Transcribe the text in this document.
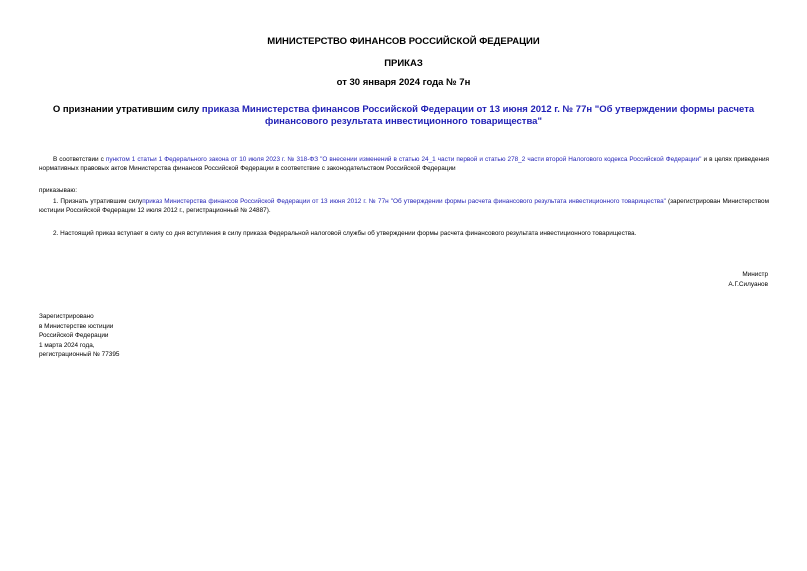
МИНИСТЕРСТВО ФИНАНСОВ РОССИЙСКОЙ ФЕДЕРАЦИИ
ПРИКАЗ
от 30 января 2024 года № 7н
О признании утратившим силу приказа Министерства финансов Российской Федерации от 13 июня 2012 г. № 77н "Об утверждении формы расчета финансового результата инвестиционного товарищества"
В соответствии с пунктом 1 статьи 1 Федерального закона от 10 июля 2023 г. № 318-ФЗ "О внесении изменений в статью 24_1 части первой и статью 278_2 части второй Налогового кодекса Российской Федерации" и в целях приведения нормативных правовых актов Министерства финансов Российской Федерации в соответствие с законодательством Российской Федерации
приказываю:
1. Признать утратившим силуприказ Министерства финансов Российской Федерации от 13 июня 2012 г. № 77н "Об утверждении формы расчета финансового результата инвестиционного товарищества" (зарегистрирован Министерством юстиции Российской Федерации 12 июля 2012 г., регистрационный № 24887).
2. Настоящий приказ вступает в силу со дня вступления в силу приказа Федеральной налоговой службы об утверждении формы расчета финансового результата инвестиционного товарищества.
Министр
А.Г.Силуанов
Зарегистрировано
в Министерстве юстиции
Российской Федерации
1 марта 2024 года,
регистрационный № 77395
